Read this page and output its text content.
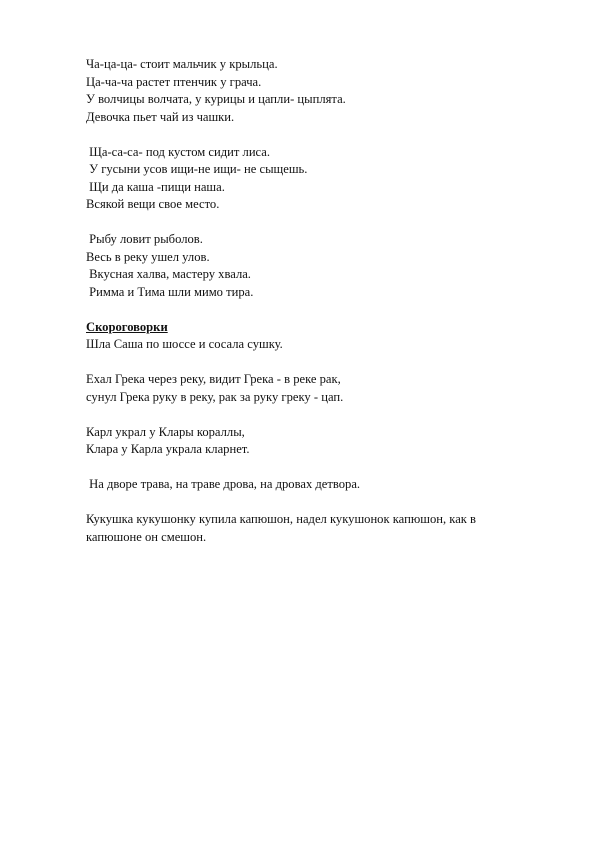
Ча-ца-ца- стоит мальчик у крыльца.
Ца-ча-ча растет птенчик у грача.
У волчицы волчата, у курицы и цапли- цыплята.
Девочка пьет чай из чашки.
Ща-са-са- под кустом сидит лиса.
У гусыни усов ищи-не ищи- не сыщешь.
Щи да каша -пищи наша.
Всякой вещи свое место.
Рыбу ловит рыболов.
Весь в реку ушел улов.
Вкусная халва, мастеру хвала.
Римма и Тима шли мимо тира.
Скороговорки
Шла Саша по шоссе и сосала сушку.
Ехал Грека через реку, видит Грека - в реке рак,
сунул Грека руку в реку, рак за руку греку - цап.
Карл украл у Клары кораллы,
Клара у Карла украла кларнет.
На дворе трава, на траве дрова, на дровах детвора.
Кукушка кукушонку купила капюшон, надел кукушонок капюшон, как в
капюшоне он смешон.
